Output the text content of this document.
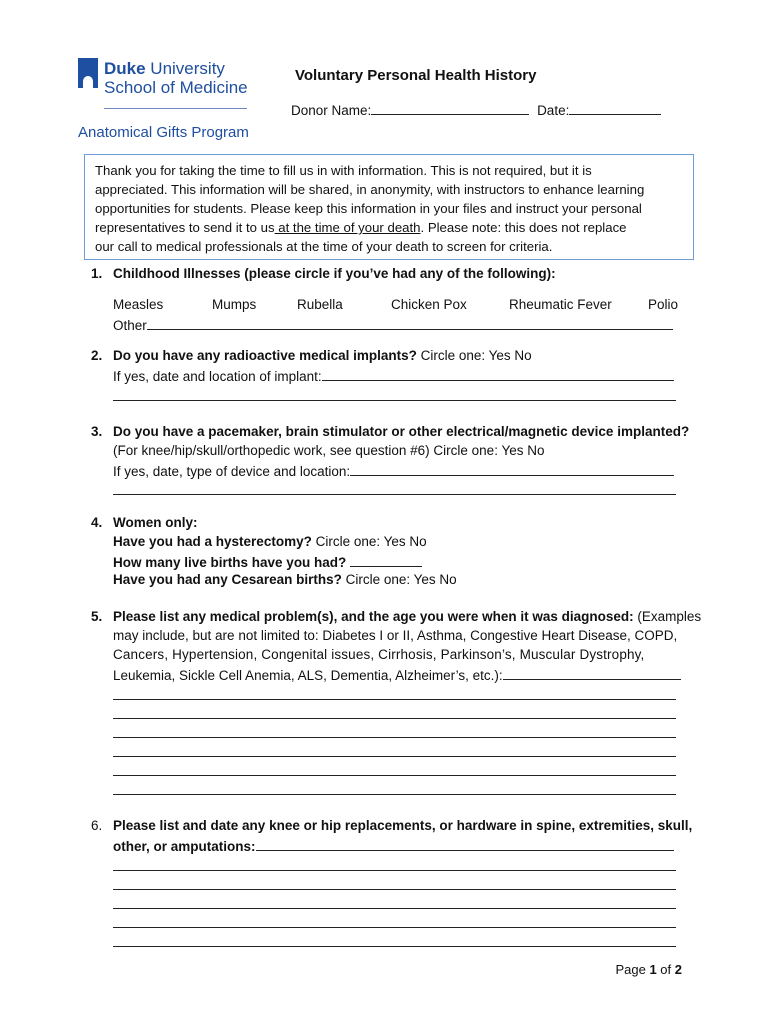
Duke University
School of Medicine
Anatomical Gifts Program
Voluntary Personal Health History
Donor Name:	Date:
Thank you for taking the time to fill us in with information. This is not required, but it is
appreciated. This information will be shared, in anonymity, with instructors to enhance learning
opportunities for students. Please keep this information in your files and instruct your personal
representatives to send it to us at the time of your death. Please note: this does not replace
our call to medical professionals at the time of your death to screen for criteria.
1. Childhood Illnesses (please circle if you’ve had any of the following):
Measles	Mumps	Rubella	Chicken Pox	Rheumatic Fever	Polio
Other
2. Do you have any radioactive medical implants? Circle one: Yes No
If yes, date and location of implant:
3. Do you have a pacemaker, brain stimulator or other electrical/magnetic device implanted?
(For knee/hip/skull/orthopedic work, see question #6) Circle one: Yes No
If yes, date, type of device and location:
4. Women only:
Have you had a hysterectomy? Circle one: Yes No
How many live births have you had?
Have you had any Cesarean births? Circle one: Yes No
5. Please list any medical problem(s), and the age you were when it was diagnosed: (Examples
may include, but are not limited to: Diabetes I or II, Asthma, Congestive Heart Disease, COPD,
Cancers, Hypertension, Congenital issues, Cirrhosis, Parkinson’s, Muscular Dystrophy,
Leukemia, Sickle Cell Anemia, ALS, Dementia, Alzheimer’s, etc.):
6. Please list and date any knee or hip replacements, or hardware in spine, extremities, skull,
other, or amputations:
Page 1 of 2
